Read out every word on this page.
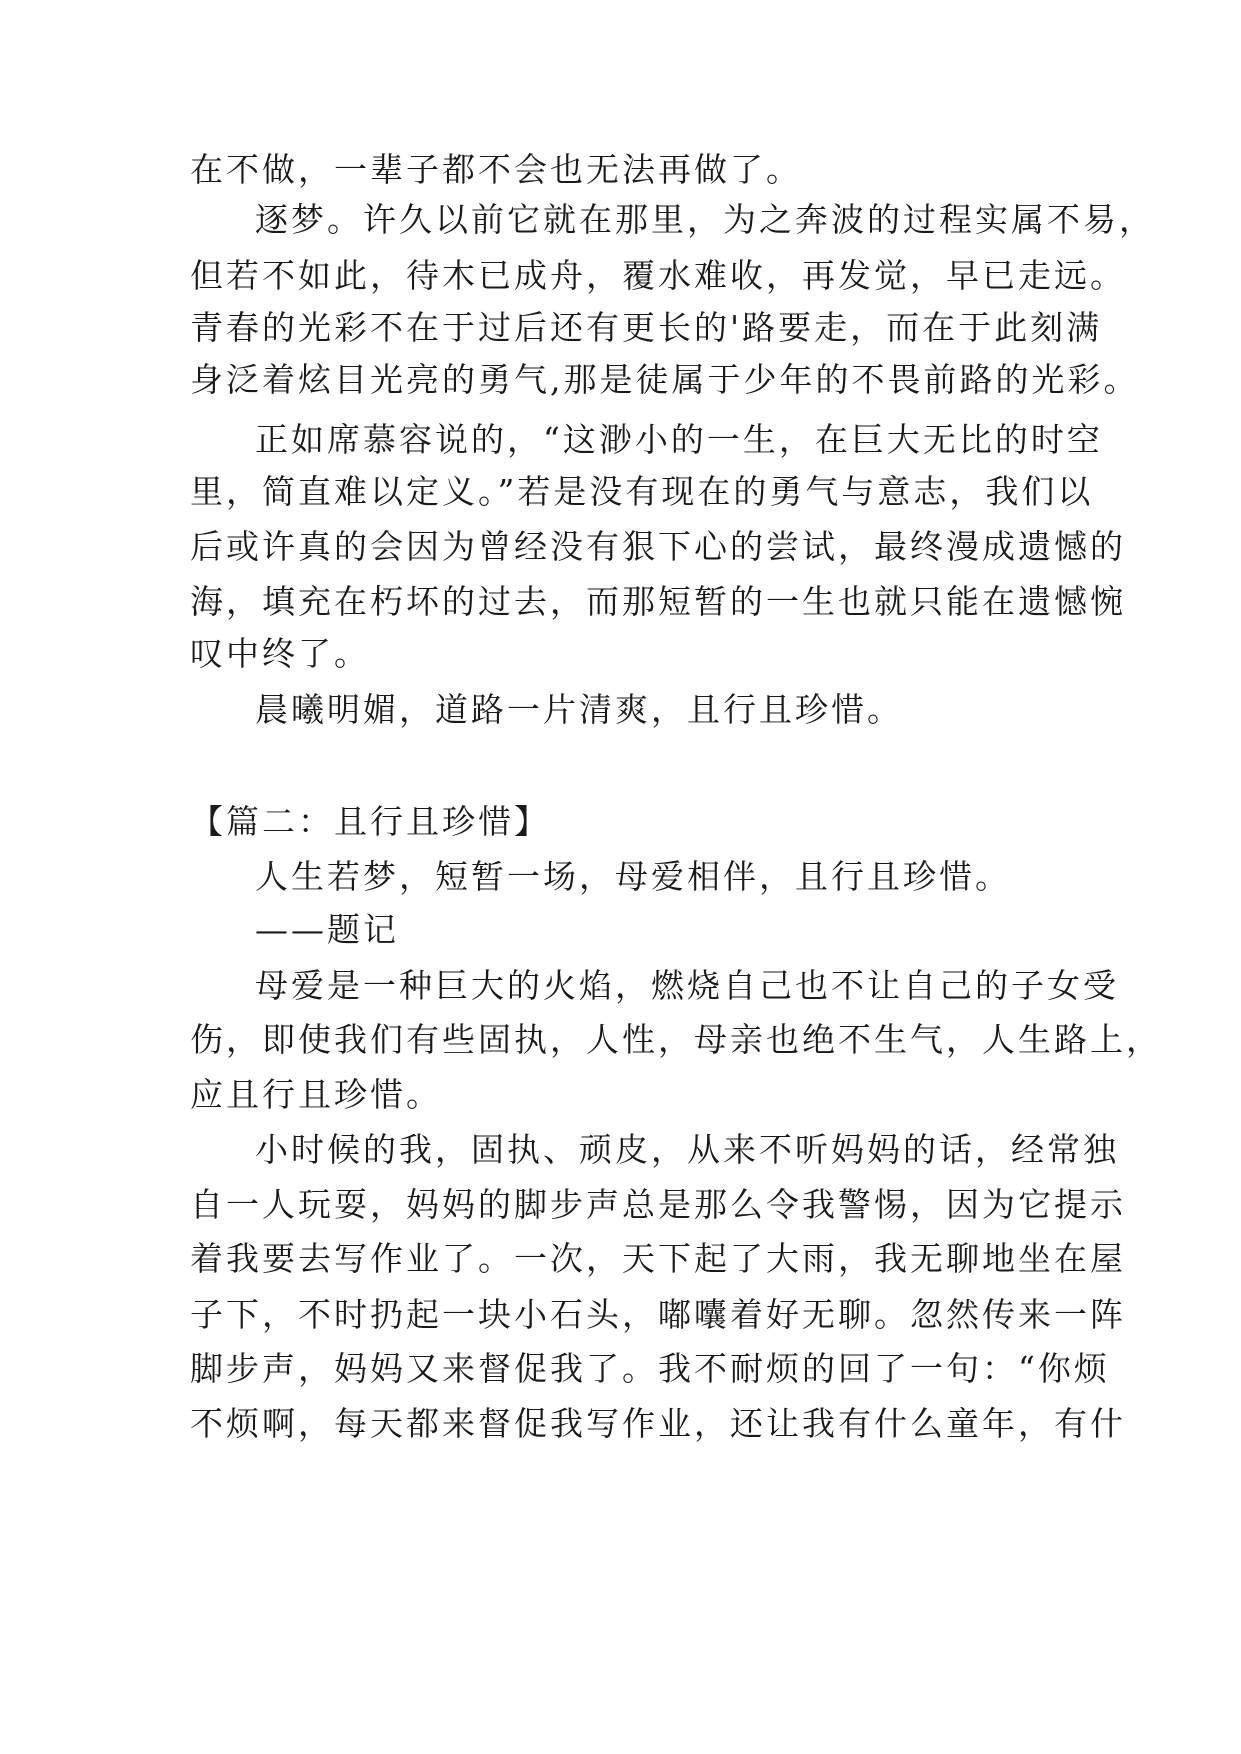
在不做，一辈子都不会也无法再做了。
逐梦。许久以前它就在那里，为之奔波的过程实属不易，
但若不如此，待木已成舟，覆水难收，再发觉，早已走远。
青春的光彩不在于过后还有更长的'路要走，而在于此刻满
身泛着炫目光亮的勇气,那是徒属于少年的不畏前路的光彩。
正如席慕容说的，“这渺小的一生，在巨大无比的时空
里，简直难以定义。”若是没有现在的勇气与意志，我们以
后或许真的会因为曾经没有狠下心的尝试，最终漫成遗憾的
海，填充在朽坏的过去，而那短暂的一生也就只能在遗憾惋
叹中终了。
晨曦明媚，道路一片清爽，且行且珍惜。
【篇二：且行且珍惜】
人生若梦，短暂一场，母爱相伴，且行且珍惜。
——题记
母爱是一种巨大的火焰，燃烧自己也不让自己的子女受
伤，即使我们有些固执，人性，母亲也绝不生气，人生路上，
应且行且珍惜。
小时候的我，固执、顽皮，从来不听妈妈的话，经常独
自一人玩耍，妈妈的脚步声总是那么令我警惕，因为它提示
着我要去写作业了。一次，天下起了大雨，我无聊地坐在屋
子下，不时扔起一块小石头，嘟囔着好无聊。忽然传来一阵
脚步声，妈妈又来督促我了。我不耐烦的回了一句：“你烦
不烦啊，每天都来督促我写作业，还让我有什么童年，有什
